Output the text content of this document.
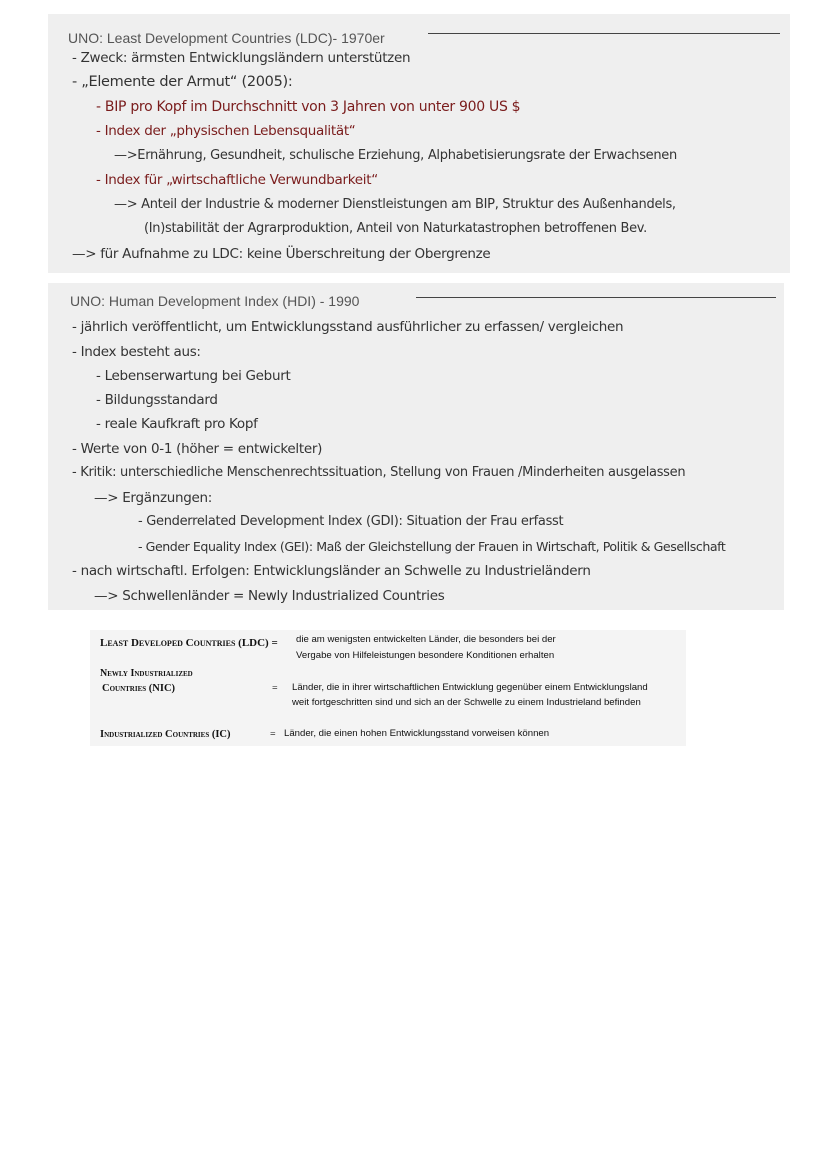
UNO: Least Development Countries (LDC)- 1970er
- Zweck: ärmsten Entwicklungsländern unterstützen
- „Elemente der Armut“ (2005):
- BIP pro Kopf im Durchschnitt von 3 Jahren von unter 900 US $
- Index der „physischen Lebensqualität“
—>Ernährung, Gesundheit, schulische Erziehung, Alphabetisierungsrate der Erwachsenen
- Index für „wirtschaftliche Verwundbarkeit“
—> Anteil der Industrie & moderner Dienstleistungen am BIP, Struktur des Außenhandels,
(In)stabilität der Agrarproduktion, Anteil von Naturkatastrophen betroffenen Bev.
—> für Aufnahme zu LDC: keine Überschreitung der Obergrenze
UNO: Human Development Index (HDI) - 1990
- jährlich veröffentlicht, um Entwicklungsstand ausführlicher zu erfassen/ vergleichen
- Index besteht aus:
- Lebenserwartung bei Geburt
- Bildungsstandard
- reale Kaufkraft pro Kopf
- Werte von 0-1 (höher = entwickelter)
- Kritik: unterschiedliche Menschenrechtssituation, Stellung von Frauen /Minderheiten ausgelassen
—> Ergänzungen:
- Genderrelated Development Index (GDI): Situation der Frau erfasst
- Gender Equality Index (GEI): Maß der Gleichstellung der Frauen in Wirtschaft, Politik & Gesellschaft
- nach wirtschaftl. Erfolgen: Entwicklungsländer an Schwelle zu Industrieländern
—> Schwellenländer = Newly Industrialized Countries
Least Developed Countries (LDC) = die am wenigsten entwickelten Länder, die besonders bei der
Vergabe von Hilfeleistungen besondere Konditionen erhalten
Newly Industrialized
Countries (NIC)	= Länder, die in ihrer wirtschaftlichen Entwicklung gegenüber einem Entwicklungsland
weit fortgeschritten sind und sich an der Schwelle zu einem Industrieland befinden
Industrialized Countries (IC)	= Länder, die einen hohen Entwicklungsstand vorweisen können
